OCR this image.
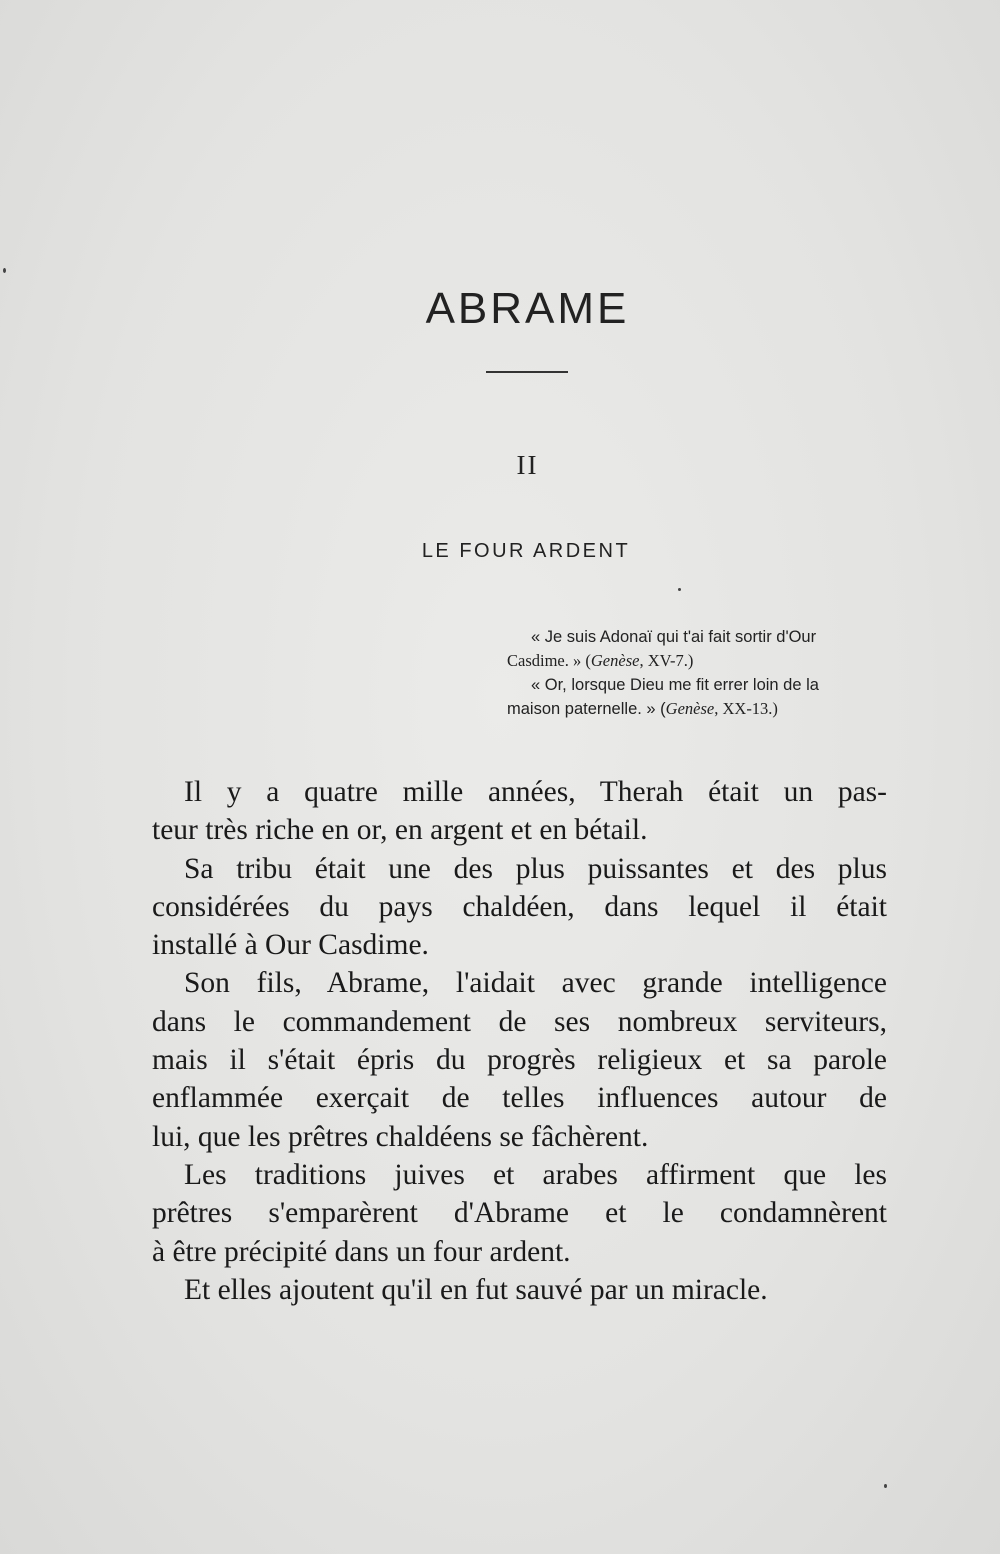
ABRAME
II
LE FOUR ARDENT

« Je suis Adonaï qui t'ai fait sortir d'Our
Casdime. » (Genèse, XV-7.)

« Or, lorsque Dieu me fit errer loin de la
maison paternelle. » (Genèse, XX-13.)

Il y a quatre mille années, Therah était un pas-
teur très riche en or, en argent et en bétail.
Sa tribu était une des plus puissantes et des plus
considérées du pays chaldéen, dans lequel il était
installé à Our Casdime.
Son fils, Abrame, l'aidait avec grande intelligence
dans le commandement de ses nombreux serviteurs,
mais il s'était épris du progrès religieux et sa parole
enflammée exerçait de telles influences autour de
lui, que les prêtres chaldéens se fâchèrent.
Les traditions juives et arabes affirment que les
prêtres s'emparèrent d'Abrame et le condamnèrent
à être précipité dans un four ardent.
Et elles ajoutent qu'il en fut sauvé par un miracle.
